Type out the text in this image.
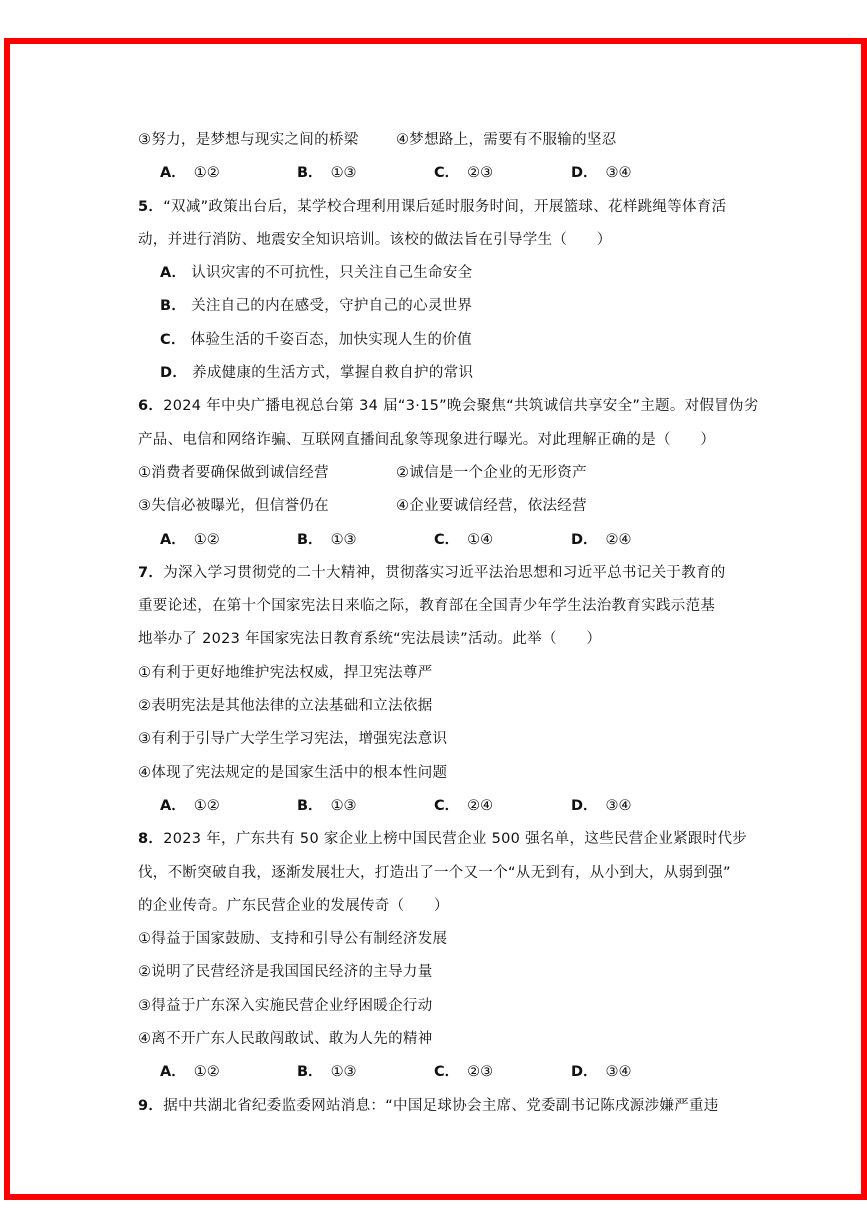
③努力，是梦想与现实之间的桥梁	④梦想路上，需要有不服输的坚忍
A． ①②	B． ①③	C． ②③	D． ③④
5．“双减”政策出台后，某学校合理利用课后延时服务时间，开展篮球、花样跳绳等体育活
动，并进行消防、地震安全知识培训。该校的做法旨在引导学生（　　）
A． 认识灾害的不可抗性，只关注自己生命安全
B． 关注自己的内在感受，守护自己的心灵世界
C． 体验生活的千姿百态，加快实现人生的价值
D． 养成健康的生活方式，掌握自救自护的常识
6．2024 年中央广播电视总台第 34 届“3·15”晚会聚焦“共筑诚信共享安全”主题。对假冒伪劣
产品、电信和网络诈骗、互联网直播间乱象等现象进行曝光。对此理解正确的是（　　）
①消费者要确保做到诚信经营	②诚信是一个企业的无形资产
③失信必被曝光，但信誉仍在	④企业要诚信经营，依法经营
A． ①②	B． ①③	C． ①④	D． ②④
7．为深入学习贯彻党的二十大精神，贯彻落实习近平法治思想和习近平总书记关于教育的
重要论述，在第十个国家宪法日来临之际，教育部在全国青少年学生法治教育实践示范基
地举办了 2023 年国家宪法日教育系统“宪法晨读”活动。此举（　　）
①有利于更好地维护宪法权威，捍卫宪法尊严
②表明宪法是其他法律的立法基础和立法依据
③有利于引导广大学生学习宪法，增强宪法意识
④体现了宪法规定的是国家生活中的根本性问题
A． ①②	B． ①③	C． ②④	D． ③④
8．2023 年，广东共有 50 家企业上榜中国民营企业 500 强名单，这些民营企业紧跟时代步
伐，不断突破自我，逐渐发展壮大，打造出了一个又一个“从无到有，从小到大，从弱到强”
的企业传奇。广东民营企业的发展传奇（　　）
①得益于国家鼓励、支持和引导公有制经济发展
②说明了民营经济是我国国民经济的主导力量
③得益于广东深入实施民营企业纾困暖企行动
④离不开广东人民敢闯敢试、敢为人先的精神
A． ①②	B． ①③	C． ②③	D． ③④
9．据中共湖北省纪委监委网站消息：“中国足球协会主席、党委副书记陈戌源涉嫌严重违
